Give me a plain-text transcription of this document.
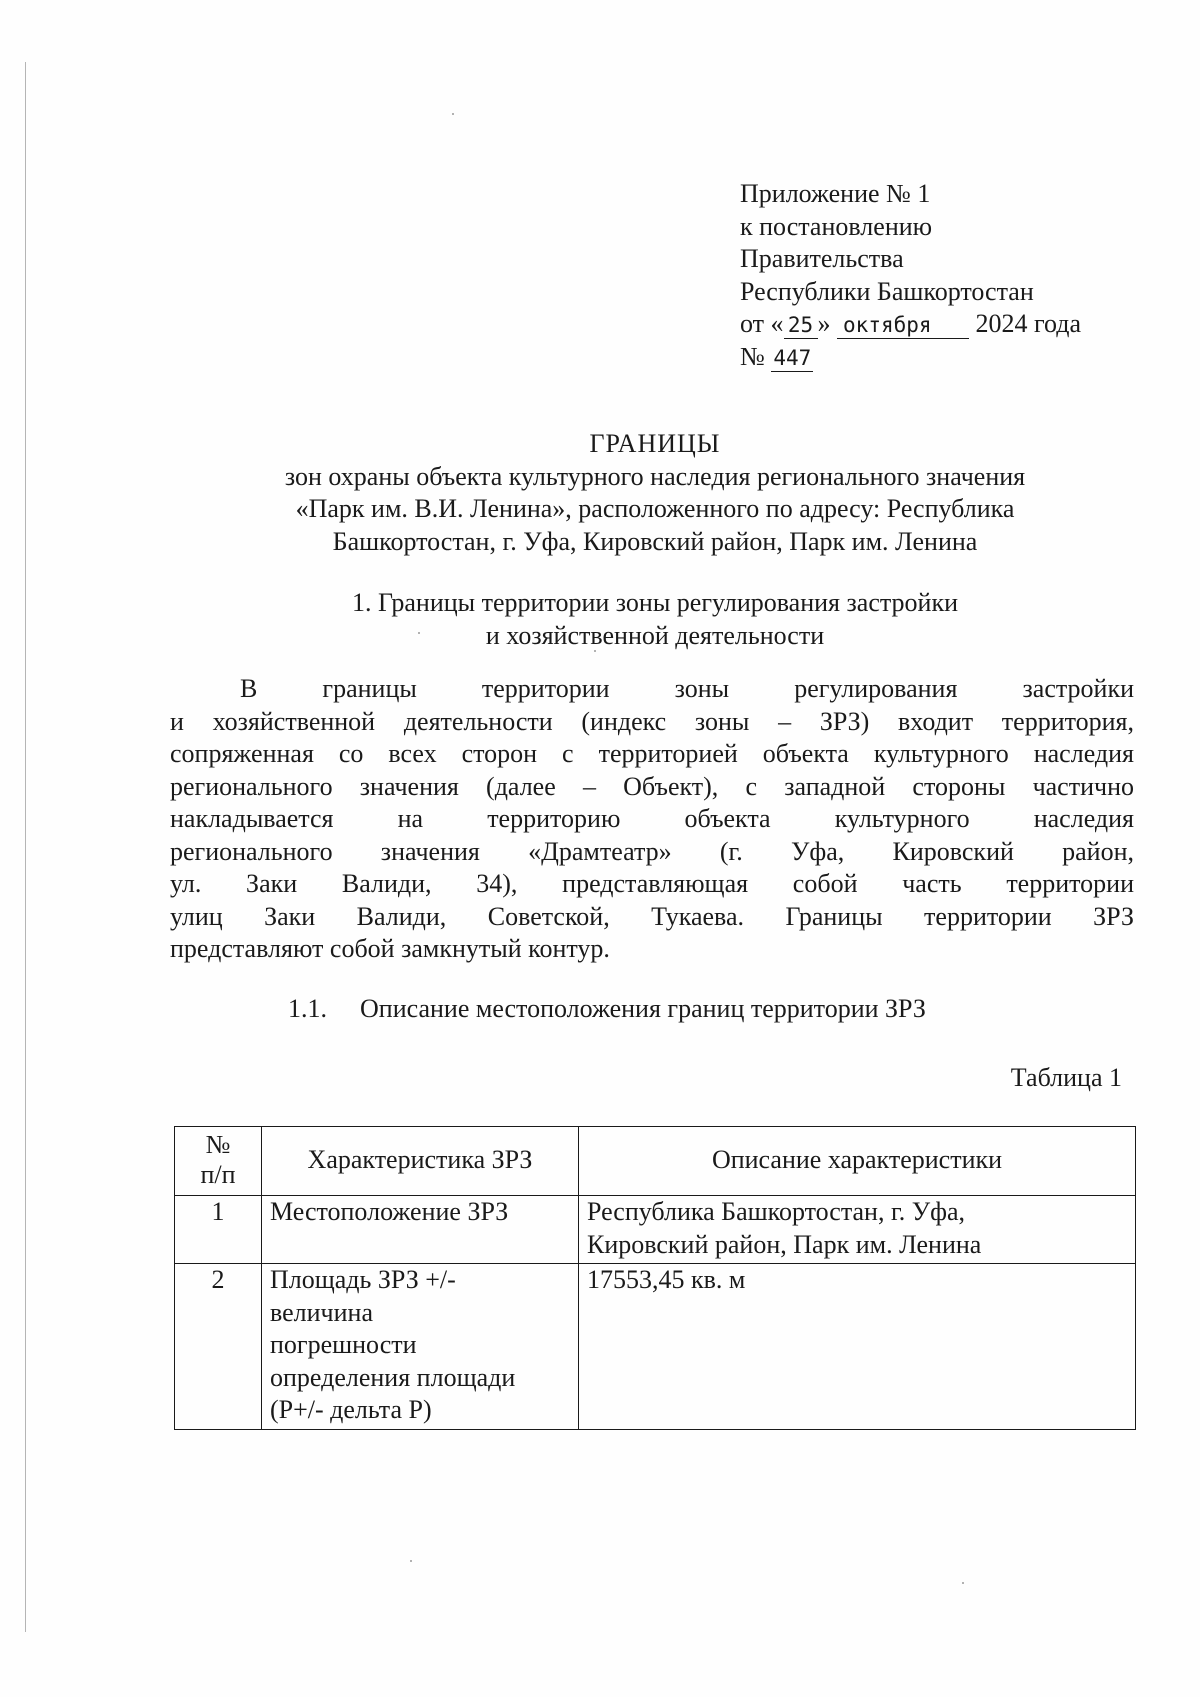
Приложение № 1
к постановлению
Правительства
Республики Башкортостан
от « 25 » октября 2024 года
№ 447
ГРАНИЦЫ
зон охраны объекта культурного наследия регионального значения
«Парк им. В.И. Ленина», расположенного по адресу: Республика
Башкортостан, г. Уфа, Кировский район, Парк им. Ленина
1. Границы территории зоны регулирования застройки
и хозяйственной деятельности
В границы территории зоны регулирования застройки
и хозяйственной деятельности (индекс зоны – ЗРЗ) входит территория,
сопряженная со всех сторон с территорией объекта культурного наследия
регионального значения (далее – Объект), с западной стороны частично
накладывается на территорию объекта культурного наследия
регионального значения «Драмтеатр» (г. Уфа, Кировский район,
ул. Заки Валиди, 34), представляющая собой часть территории
улиц Заки Валиди, Советской, Тукаева. Границы территории ЗРЗ
представляют собой замкнутый контур.
1.1. Описание местоположения границ территории ЗРЗ
Таблица 1
№
п/п	Характеристика ЗРЗ	Описание характеристики
1	Местоположение ЗРЗ	Республика Башкортостан, г. Уфа,
Кировский район, Парк им. Ленина

2	Площадь ЗРЗ +/-
величина
погрешности
определения площади
(P+/- дельта P)	17553,45 кв. м
